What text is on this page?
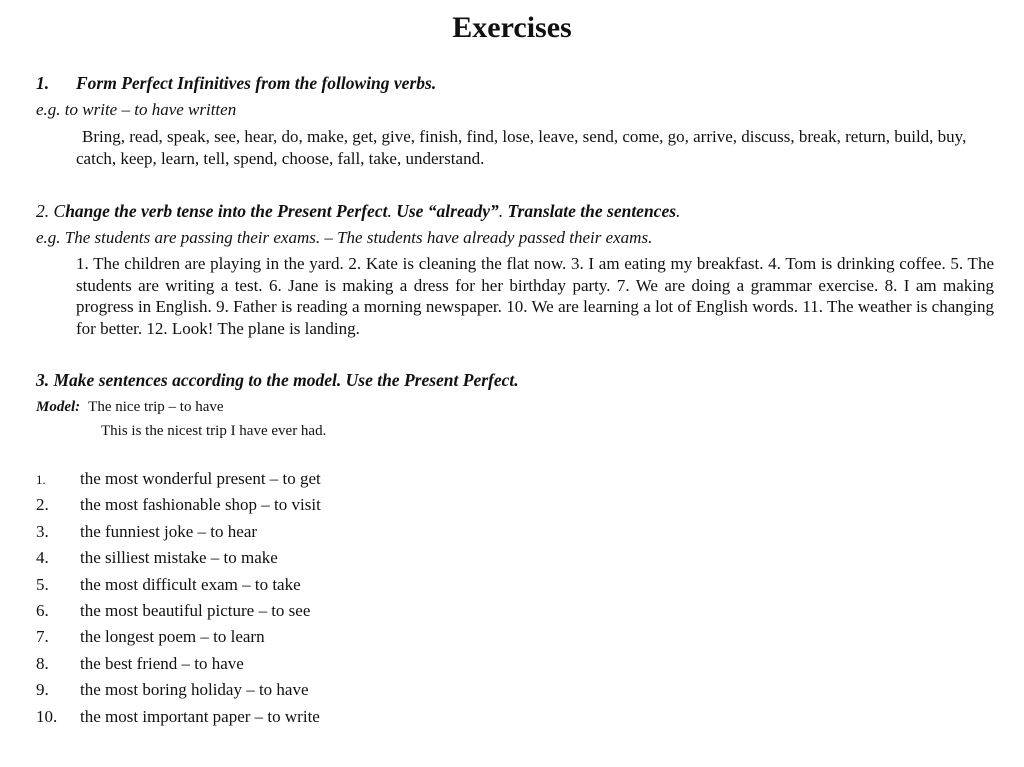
Exercises
1. Form Perfect Infinitives from the following verbs.
e.g. to write – to have written

Bring, read, speak, see, hear, do, make, get, give, finish, find, lose, leave, send, come, go, arrive, discuss, break, return, build, buy, catch, keep, learn, tell, spend, choose, fall, take, understand.

2. Change the verb tense into the Present Perfect. Use “already”. Translate the sentences.
e.g. The students are passing their exams. – The students have already passed their exams.

1. The children are playing in the yard. 2. Kate is cleaning the flat now. 3. I am eating my breakfast. 4. Tom is drinking coffee. 5. The students are writing a test. 6. Jane is making a dress for her birthday party. 7. We are doing a grammar exercise. 8. I am making progress in English. 9. Father is reading a morning newspaper. 10. We are learning a lot of English words. 11. The weather is changing for better. 12. Look! The plane is landing.

3. Make sentences according to the model. Use the Present Perfect.
Model: The nice trip – to have
This is the nicest trip I have ever had.
1. the most wonderful present – to get
2. the most fashionable shop – to visit
3. the funniest joke – to hear
4. the silliest mistake – to make
5. the most difficult exam – to take
6. the most beautiful picture – to see
7. the longest poem – to learn
8. the best friend – to have
9. the most boring holiday – to have
10. the most important paper – to write
